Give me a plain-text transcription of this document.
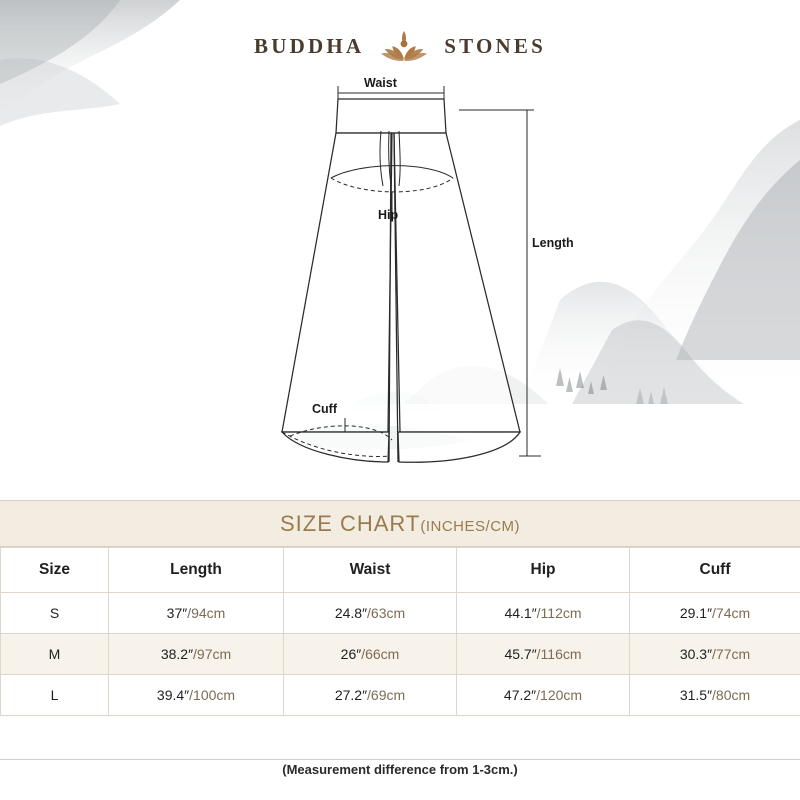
BUDDHA	STONES
Waist
Hip
Cuff
Length
SIZE CHART(INCHES/CM)
Size	Length	Waist	Hip	Cuff
S	37″/94cm	24.8″/63cm	44.1″/112cm	29.1″/74cm
M	38.2″/97cm	26″/66cm	45.7″/116cm	30.3″/77cm
L	39.4″/100cm	27.2″/69cm	47.2″/120cm	31.5″/80cm
(Measurement difference from 1-3cm.)
